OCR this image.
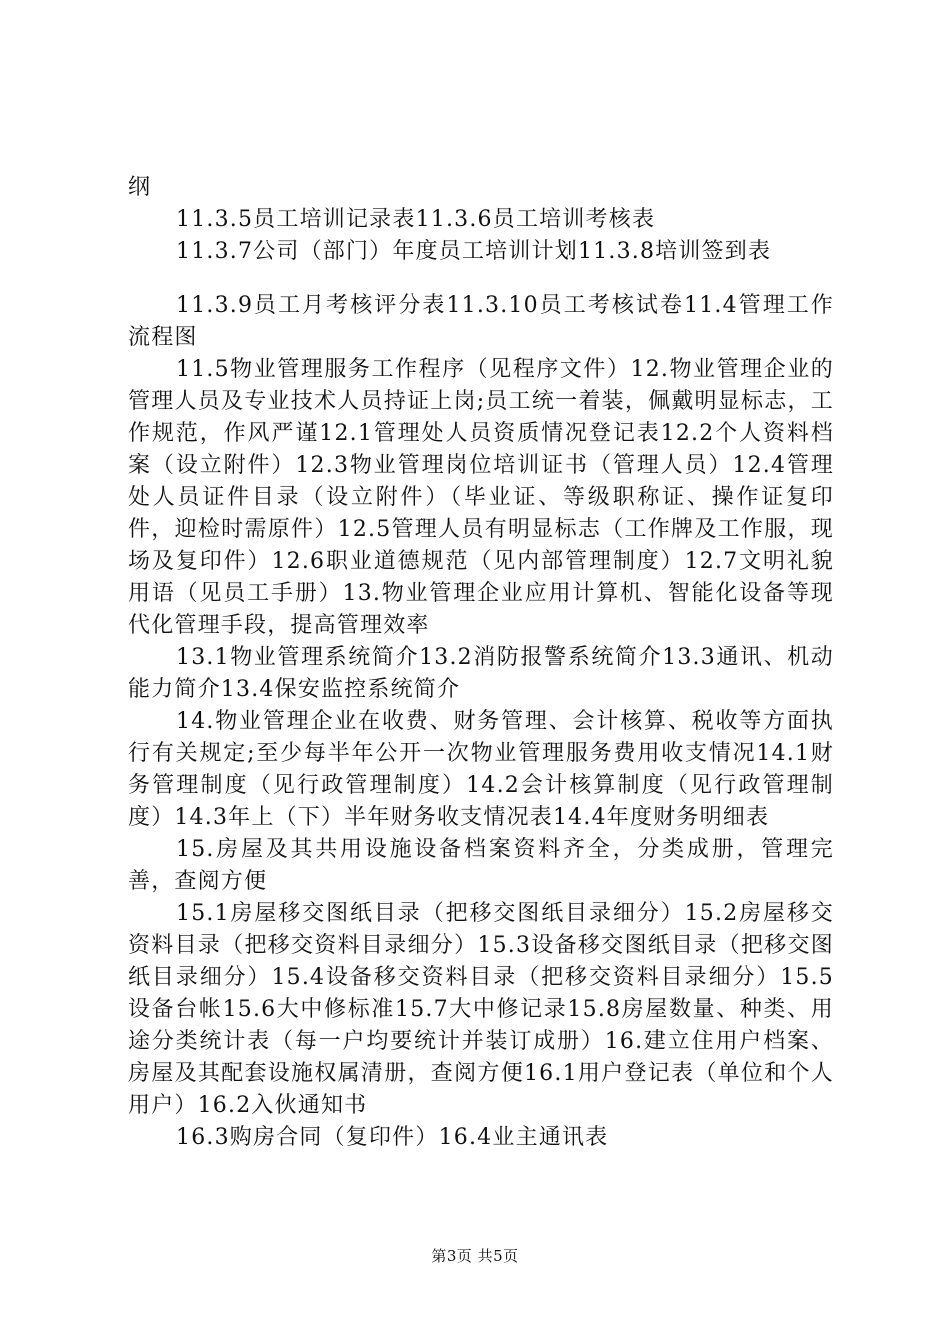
纲

11.3.5员工培训记录表11.3.6员工培训考核表

11.3.7公司（部门）年度员工培训计划11.3.8培训签到表

11.3.9员工月考核评分表11.3.10员工考核试卷11.4管理工作流程图

11.5物业管理服务工作程序（见程序文件）12.物业管理企业的管理人员及专业技术人员持证上岗;员工统一着装，佩戴明显标志，工作规范，作风严谨12.1管理处人员资质情况登记表12.2个人资料档案（设立附件）12.3物业管理岗位培训证书（管理人员）12.4管理处人员证件目录（设立附件）（毕业证、等级职称证、操作证复印件，迎检时需原件）12.5管理人员有明显标志（工作牌及工作服，现场及复印件）12.6职业道德规范（见内部管理制度）12.7文明礼貌用语（见员工手册）13.物业管理企业应用计算机、智能化设备等现代化管理手段，提高管理效率

13.1物业管理系统简介13.2消防报警系统简介13.3通讯、机动能力简介13.4保安监控系统简介

14.物业管理企业在收费、财务管理、会计核算、税收等方面执行有关规定;至少每半年公开一次物业管理服务费用收支情况14.1财务管理制度（见行政管理制度）14.2会计核算制度（见行政管理制度）14.3年上（下）半年财务收支情况表14.4年度财务明细表

15.房屋及其共用设施设备档案资料齐全，分类成册，管理完善，查阅方便

15.1房屋移交图纸目录（把移交图纸目录细分）15.2房屋移交资料目录（把移交资料目录细分）15.3设备移交图纸目录（把移交图纸目录细分）15.4设备移交资料目录（把移交资料目录细分）15.5设备台帐15.6大中修标准15.7大中修记录15.8房屋数量、种类、用途分类统计表（每一户均要统计并装订成册）16.建立住用户档案、房屋及其配套设施权属清册，查阅方便16.1用户登记表（单位和个人用户）16.2入伙通知书

16.3购房合同（复印件）16.4业主通讯表

第3页 共5页
